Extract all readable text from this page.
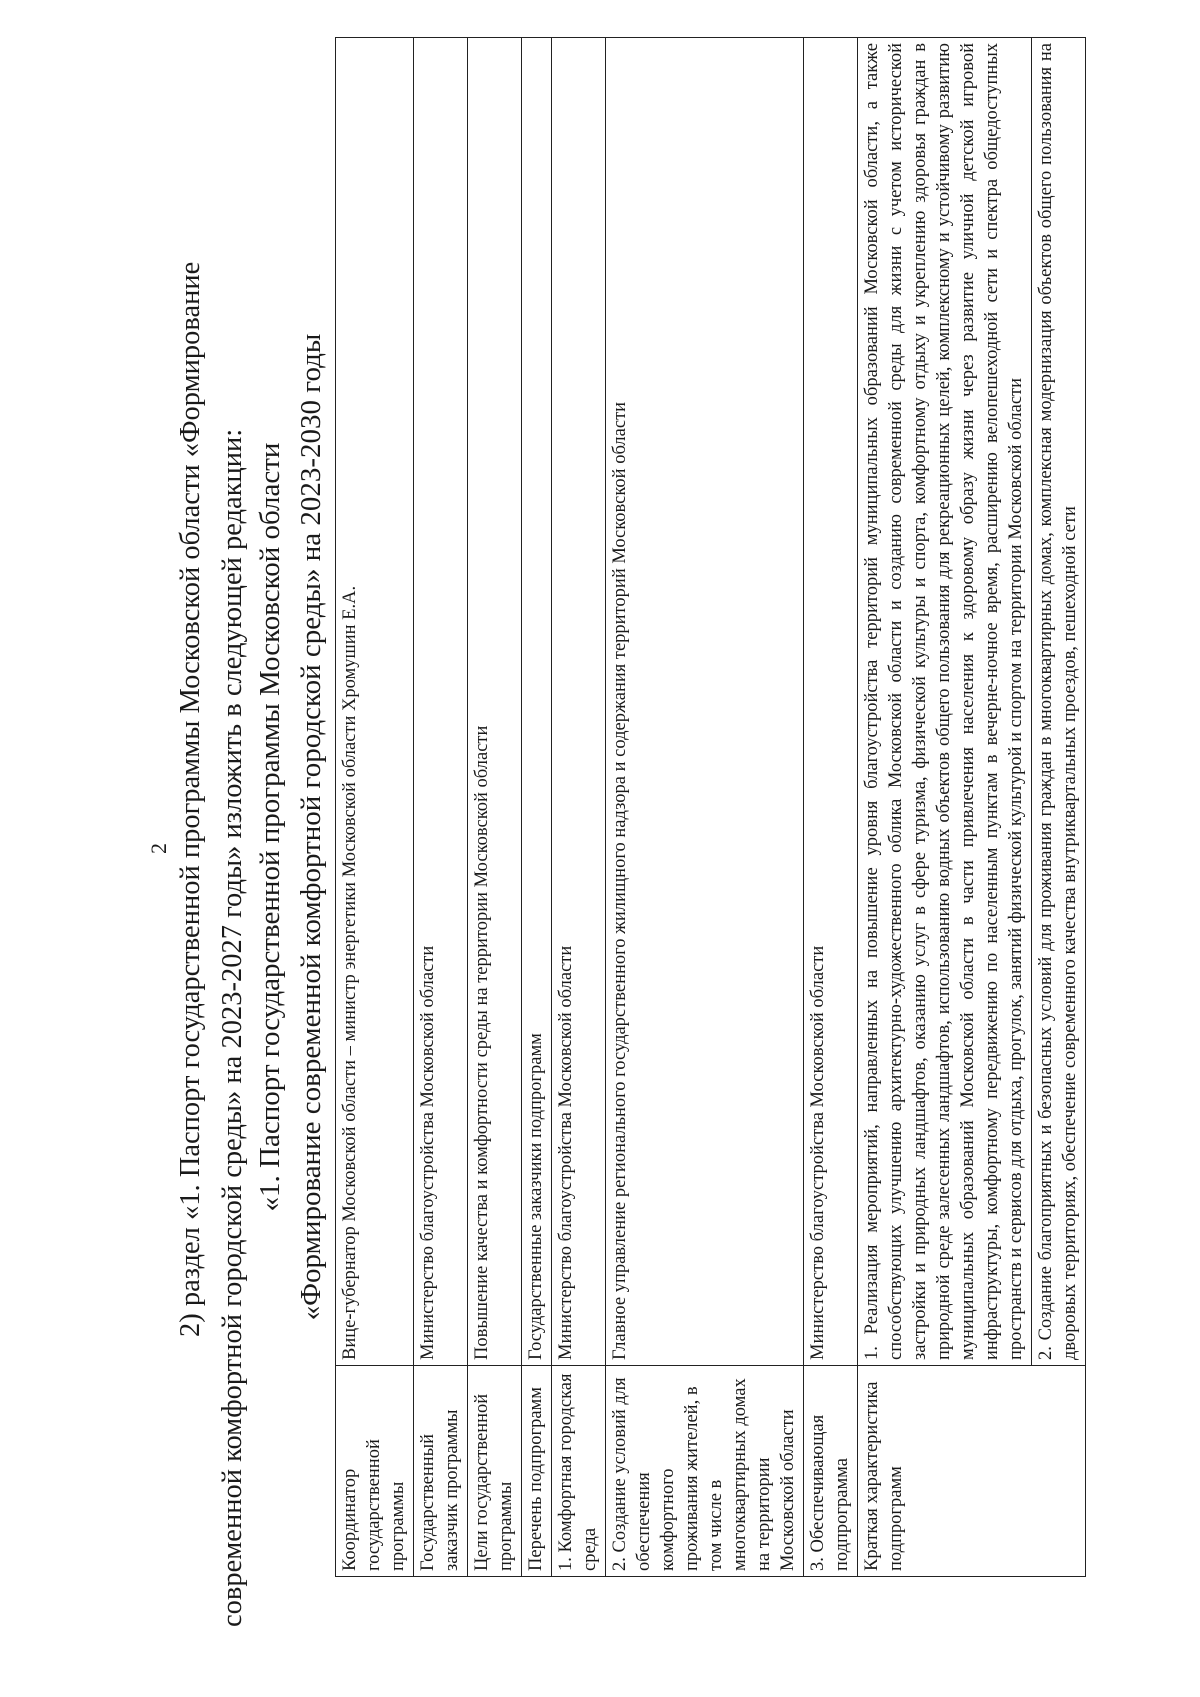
2 2) раздел «1. Паспорт государственной программы Московской области «Формирование современной комфортной городской среды» на 2023-2027 годы» изложить в следующей редакции: «1. Паспорт государственной программы Московской области «Формирование современной комфортной городской среды» на 2023-2030 годы
Координатор государственной программы	Вице-губернатор Московской области – министр энергетики Московской области Хромушин Е.А.
Государственный заказчик программы	Министерство благоустройства Московской области
Цели государственной программы	Повышение качества и комфортности среды на территории Московской области
Перечень подпрограмм	Государственные заказчики подпрограмм
1. Комфортная городская среда	Министерство благоустройства Московской области
2. Создание условий для обеспечения комфортного проживания жителей, в том числе в многоквартирных домах на территории Московской области	Главное управление регионального государственного жилищного надзора и содержания территорий Московской области
3. Обеспечивающая подпрограмма	Министерство благоустройства Московской области
Краткая характеристика подпрограмм	1. Реализация мероприятий, направленных на повышение уровня благоустройства территорий муниципальных образований Московской области, а также способствующих улучшению архитектурно-художественного облика Московской области и созданию современной среды для жизни с учетом исторической застройки и природных ландшафтов, оказанию услуг в сфере туризма, физической культуры и спорта, комфортному отдыху и укреплению здоровья граждан в природной среде залесенных ландшафтов, использованию водных объектов общего пользования для рекреационных целей, комплексному и устойчивому развитию муниципальных образований Московской области в части привлечения населения к здоровому образу жизни через развитие уличной детской игровой инфраструктуры, комфортному передвижению по населенным пунктам в вечерне-ночное время, расширению велопешеходной сети и спектра общедоступных пространств и сервисов для отдыха, прогулок, занятий физической культурой и спортом на территории Московской области
	2. Создание благоприятных и безопасных условий для проживания граждан в многоквартирных домах, комплексная модернизация объектов общего пользования на дворовых территориях, обеспечение современного качества внутриквартальных проездов, пешеходной сети
